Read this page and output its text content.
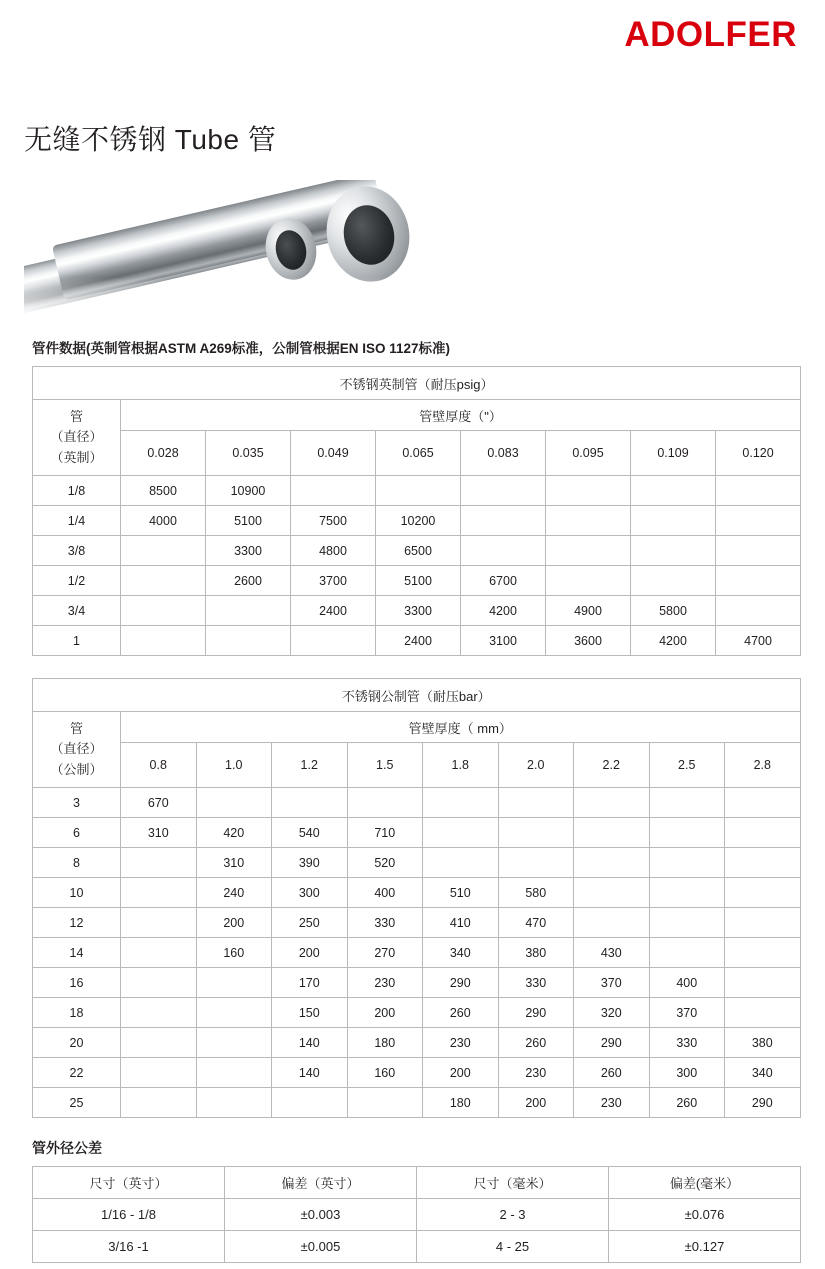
ADOLFER
无缝不锈钢 Tube 管
管件数据(英制管根据ASTM A269标准，公制管根据EN ISO 1127标准)
不锈钢英制管（耐压psig）								

管
（直径）
（英制）	管壁厚度（"）							
	0.028	0.035	0.049	0.065	0.083	0.095	0.109	0.120
1/8	8500	10900						
1/4	4000	5100	7500	10200				
3/8		3300	4800	6500				
1/2		2600	3700	5100	6700			
3/4			2400	3300	4200	4900	5800	
1				2400	3100	3600	4200	4700
不锈钢公制管（耐压bar）									

管
（直径）
（公制）	管壁厚度（ mm）								
	0.8	1.0	1.2	1.5	1.8	2.0	2.2	2.5	2.8
3	670								
6	310	420	540	710					
8		310	390	520					
10		240	300	400	510	580			
12		200	250	330	410	470			
14		160	200	270	340	380	430		
16			170	230	290	330	370	400	
18			150	200	260	290	320	370	
20			140	180	230	260	290	330	380
22			140	160	200	230	260	300	340
25					180	200	230	260	290
管外径公差
尺寸（英寸）	偏差（英寸）	尺寸（毫米）	偏差(毫米）
1/16 - 1/8	±0.003	2 - 3	±0.076
3/16 -1	±0.005	4 - 25	±0.127
